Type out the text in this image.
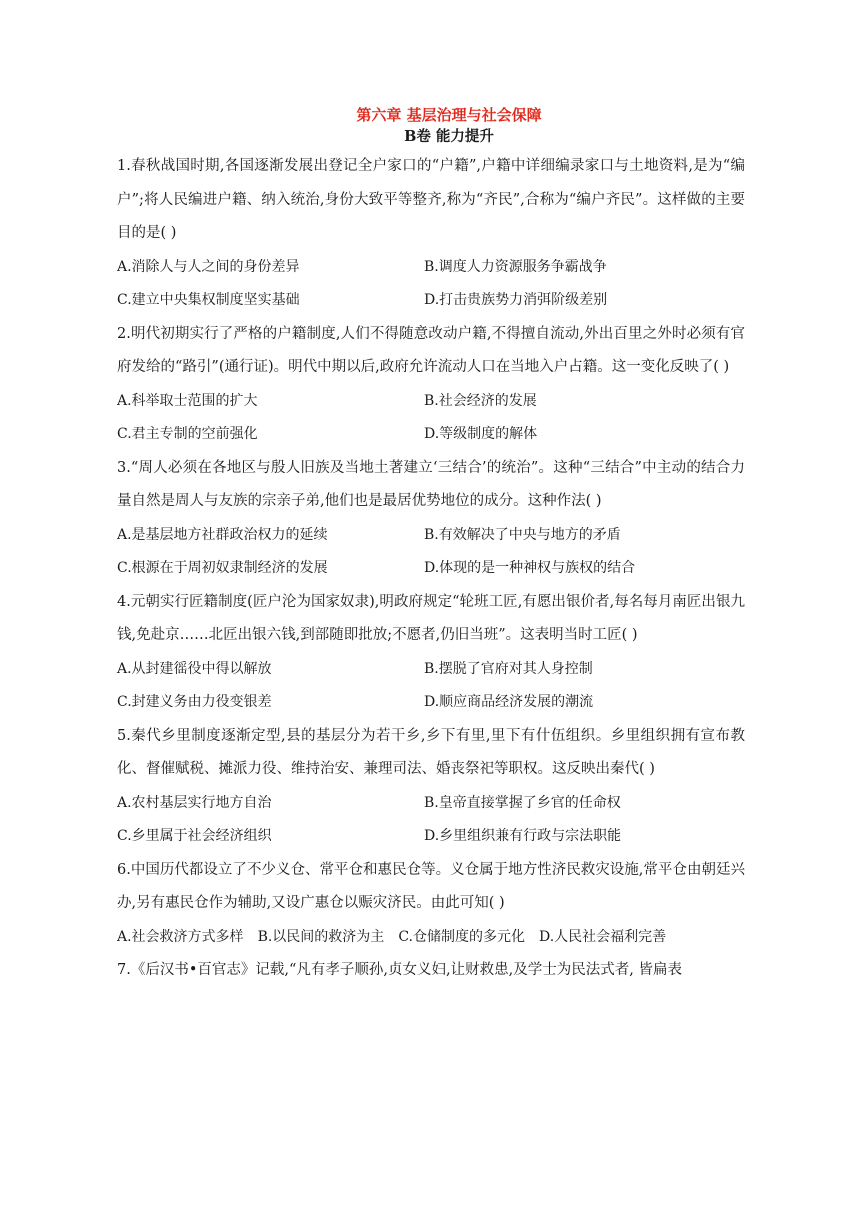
第六章 基层治理与社会保障
B卷 能力提升

1.春秋战国时期,各国逐渐发展出登记全户家口的“户籍”,户籍中详细编录家口与土地资料,是为“编户”;将人民编进户籍、纳入统治,身份大致平等整齐,称为“齐民”,合称为“编户齐民”。这样做的主要目的是( )

A.消除人与人之间的身份差异	B.调度人力资源服务争霸战争
C.建立中央集权制度坚实基础	D.打击贵族势力消弭阶级差别

2.明代初期实行了严格的户籍制度,人们不得随意改动户籍,不得擅自流动,外出百里之外时必须有官府发给的“路引”(通行证)。明代中期以后,政府允许流动人口在当地入户占籍。这一变化反映了( )

A.科举取士范围的扩大	B.社会经济的发展
C.君主专制的空前强化	D.等级制度的解体

3.“周人必须在各地区与殷人旧族及当地土著建立‘三结合’的统治”。这种“三结合”中主动的结合力量自然是周人与友族的宗亲子弟,他们也是最居优势地位的成分。这种作法( )

A.是基层地方社群政治权力的延续	B.有效解决了中央与地方的矛盾
C.根源在于周初奴隶制经济的发展	D.体现的是一种神权与族权的结合

4.元朝实行匠籍制度(匠户沦为国家奴隶),明政府规定“轮班工匠,有愿出银价者,每名每月南匠出银九钱,免赴京……北匠出银六钱,到部随即批放;不愿者,仍旧当班”。这表明当时工匠( )

A.从封建徭役中得以解放	B.摆脱了官府对其人身控制
C.封建义务由力役变银差	D.顺应商品经济发展的潮流

5.秦代乡里制度逐渐定型,县的基层分为若干乡,乡下有里,里下有什伍组织。乡里组织拥有宣布教化、督催赋税、摊派力役、维持治安、兼理司法、婚丧祭祀等职权。这反映出秦代( )

A.农村基层实行地方自治	B.皇帝直接掌握了乡官的任命权
C.乡里属于社会经济组织	D.乡里组织兼有行政与宗法职能

6.中国历代都设立了不少义仓、常平仓和惠民仓等。义仓属于地方性济民救灾设施,常平仓由朝廷兴办,另有惠民仓作为辅助,又设广惠仓以赈灾济民。由此可知( )

A.社会救济方式多样 B.以民间的救济为主 C.仓储制度的多元化 D.人民社会福利完善

7.《后汉书•百官志》记载,“凡有孝子顺孙,贞女义妇,让财救患,及学士为民法式者, 皆扁表
